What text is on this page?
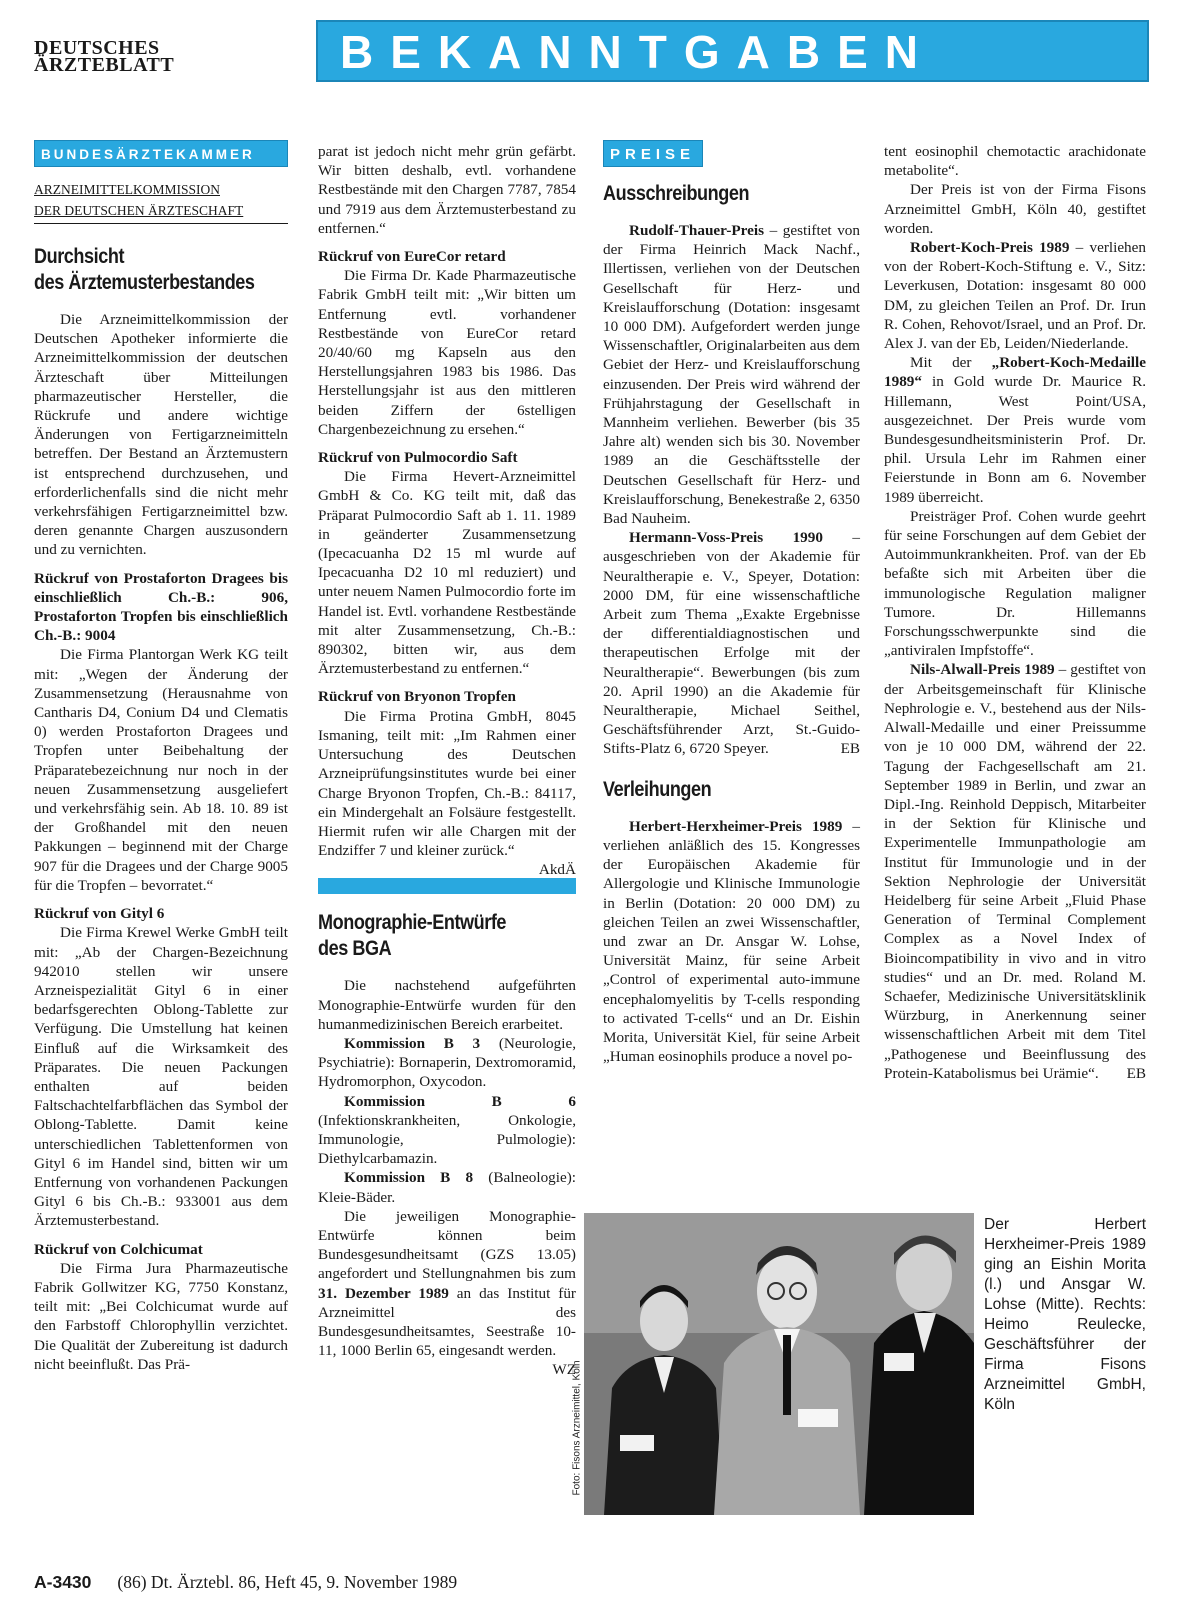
DEUTSCHES
ÄRZTEBLATT	BEKANNTGABEN
BUNDESÄRZTEKAMMER
ARZNEIMITTELKOMMISSION
DER DEUTSCHEN ÄRZTESCHAFT
Durchsicht
des Ärztemusterbestandes

Die Arzneimittelkommission der Deutschen Apotheker informierte die Arzneimittelkommission der deutschen Ärzteschaft über Mitteilungen pharmazeutischer Hersteller, die Rückrufe und andere wichtige Änderungen von Fertigarzneimitteln betreffen. Der Bestand an Ärztemustern ist entsprechend durchzusehen, und erforderlichenfalls sind die nicht mehr verkehrsfähigen Fertigarzneimittel bzw. deren genannte Chargen auszusondern und zu vernichten.

Rückruf von Prostaforton Dragees bis einschließlich Ch.-B.: 906, Prostaforton Tropfen bis einschließlich Ch.-B.: 9004

Die Firma Plantorgan Werk KG teilt mit: „Wegen der Änderung der Zusammensetzung (Herausnahme von Cantharis D4, Conium D4 und Clematis 0) werden Prostaforton Dragees und Tropfen unter Beibehaltung der Präparatebezeichnung nur noch in der neuen Zusammensetzung ausgeliefert und verkehrsfähig sein. Ab 18. 10. 89 ist der Großhandel mit den neuen Pakkungen – beginnend mit der Charge 907 für die Dragees und der Charge 9005 für die Tropfen – bevorratet.“

Rückruf von Gityl 6

Die Firma Krewel Werke GmbH teilt mit: „Ab der Chargen-Bezeichnung 942010 stellen wir unsere Arzneispezialität Gityl 6 in einer bedarfsgerechten Oblong-Tablette zur Verfügung. Die Umstellung hat keinen Einfluß auf die Wirksamkeit des Präparates. Die neuen Packungen enthalten auf beiden Faltschachtelfarbflächen das Symbol der Oblong-Tablette. Damit keine unterschiedlichen Tablettenformen von Gityl 6 im Handel sind, bitten wir um Entfernung von vorhandenen Packungen Gityl 6 bis Ch.-B.: 933001 aus dem Ärztemusterbestand.

Rückruf von Colchicumat

Die Firma Jura Pharmazeutische Fabrik Gollwitzer KG, 7750 Konstanz, teilt mit: „Bei Colchicumat wurde auf den Farbstoff Chlorophyllin verzichtet. Die Qualität der Zubereitung ist dadurch nicht beeinflußt. Das Prä-

parat ist jedoch nicht mehr grün gefärbt. Wir bitten deshalb, evtl. vorhandene Restbestände mit den Chargen 7787, 7854 und 7919 aus dem Ärztemusterbestand zu entfernen.“

Rückruf von EureCor retard

Die Firma Dr. Kade Pharmazeutische Fabrik GmbH teilt mit: „Wir bitten um Entfernung evtl. vorhandener Restbestände von EureCor retard 20/40/60 mg Kapseln aus den Herstellungsjahren 1983 bis 1986. Das Herstellungsjahr ist aus den mittleren beiden Ziffern der 6stelligen Chargenbezeichnung zu ersehen.“

Rückruf von Pulmocordio Saft

Die Firma Hevert-Arzneimittel GmbH & Co. KG teilt mit, daß das Präparat Pulmocordio Saft ab 1. 11. 1989 in geänderter Zusammensetzung (Ipecacuanha D2 15 ml wurde auf Ipecacuanha D2 10 ml reduziert) und unter neuem Namen Pulmocordio forte im Handel ist. Evtl. vorhandene Restbestände mit alter Zusammensetzung, Ch.-B.: 890302, bitten wir, aus dem Ärztemusterbestand zu entfernen.“

Rückruf von Bryonon Tropfen

Die Firma Protina GmbH, 8045 Ismaning, teilt mit: „Im Rahmen einer Untersuchung des Deutschen Arzneiprüfungsinstitutes wurde bei einer Charge Bryonon Tropfen, Ch.-B.: 84117, ein Mindergehalt an Folsäure festgestellt. Hiermit rufen wir alle Chargen mit der Endziffer 7 und kleiner zurück.“
AkdÄ

Monographie-Entwürfe
des BGA

Die nachstehend aufgeführten Monographie-Entwürfe wurden für den humanmedizinischen Bereich erarbeitet.

Kommission B 3 (Neurologie, Psychiatrie): Bornaperin, Dextromoramid, Hydromorphon, Oxycodon.

Kommission B 6 (Infektionskrankheiten, Onkologie, Immunologie, Pulmologie): Diethylcarbamazin.

Kommission B 8 (Balneologie): Kleie-Bäder.

Die jeweiligen Monographie-Entwürfe können beim Bundesgesundheitsamt (GZS 13.05) angefordert und Stellungnahmen bis zum 31. Dezember 1989 an das Institut für Arzneimittel des Bundesgesundheitsamtes, Seestraße 10-11, 1000 Berlin 65, eingesandt werden.
WZ

PREISE
Ausschreibungen

Rudolf-Thauer-Preis – gestiftet von der Firma Heinrich Mack Nachf., Illertissen, verliehen von der Deutschen Gesellschaft für Herz- und Kreislaufforschung (Dotation: insgesamt 10 000 DM). Aufgefordert werden junge Wissenschaftler, Originalarbeiten aus dem Gebiet der Herz- und Kreislaufforschung einzusenden. Der Preis wird während der Frühjahrstagung der Gesellschaft in Mannheim verliehen. Bewerber (bis 35 Jahre alt) wenden sich bis 30. November 1989 an die Geschäftsstelle der Deutschen Gesellschaft für Herz- und Kreislaufforschung, Benekestraße 2, 6350 Bad Nauheim.

Hermann-Voss-Preis 1990 – ausgeschrieben von der Akademie für Neuraltherapie e. V., Speyer, Dotation: 2000 DM, für eine wissenschaftliche Arbeit zum Thema „Exakte Ergebnisse der differentialdiagnostischen und therapeutischen Erfolge mit der Neuraltherapie“. Bewerbungen (bis zum 20. April 1990) an die Akademie für Neuraltherapie, Michael Seithel, Geschäftsführender Arzt, St.-Guido-Stifts-Platz 6, 6720 Speyer.	EB

Verleihungen

Herbert-Herxheimer-Preis 1989 – verliehen anläßlich des 15. Kongresses der Europäischen Akademie für Allergologie und Klinische Immunologie in Berlin (Dotation: 20 000 DM) zu gleichen Teilen an zwei Wissenschaftler, und zwar an Dr. Ansgar W. Lohse, Universität Mainz, für seine Arbeit „Control of experimental auto-immune encephalomyelitis by T-cells responding to activated T-cells“ und an Dr. Eishin Morita, Universität Kiel, für seine Arbeit „Human eosinophils produce a novel po-

tent eosinophil chemotactic arachidonate metabolite“.

Der Preis ist von der Firma Fisons Arzneimittel GmbH, Köln 40, gestiftet worden.

Robert-Koch-Preis 1989 – verliehen von der Robert-Koch-Stiftung e. V., Sitz: Leverkusen, Dotation: insgesamt 80 000 DM, zu gleichen Teilen an Prof. Dr. Irun R. Cohen, Rehovot/Israel, und an Prof. Dr. Alex J. van der Eb, Leiden/Niederlande.

Mit der „Robert-Koch-Medaille 1989“ in Gold wurde Dr. Maurice R. Hillemann, West Point/USA, ausgezeichnet. Der Preis wurde vom Bundesgesundheitsministerin Prof. Dr. phil. Ursula Lehr im Rahmen einer Feierstunde in Bonn am 6. November 1989 überreicht.

Preisträger Prof. Cohen wurde geehrt für seine Forschungen auf dem Gebiet der Autoimmunkrankheiten. Prof. van der Eb befaßte sich mit Arbeiten über die immunologische Regulation maligner Tumore. Dr. Hillemanns Forschungsschwerpunkte sind die „antiviralen Impfstoffe“.

Nils-Alwall-Preis 1989 – gestiftet von der Arbeitsgemeinschaft für Klinische Nephrologie e. V., bestehend aus der Nils-Alwall-Medaille und einer Preissumme von je 10 000 DM, während der 22. Tagung der Fachgesellschaft am 21. September 1989 in Berlin, und zwar an Dipl.-Ing. Reinhold Deppisch, Mitarbeiter in der Sektion für Klinische und Experimentelle Immunpathologie am Institut für Immunologie und in der Sektion Nephrologie der Universität Heidelberg für seine Arbeit „Fluid Phase Generation of Terminal Complement Complex as a Novel Index of Bioincompatibility in vivo and in vitro studies“ und an Dr. med. Roland M. Schaefer, Medizinische Universitätsklinik Würzburg, in Anerkennung seiner wissenschaftlichen Arbeit mit dem Titel „Pathogenese und Beeinflussung des Protein-Katabolismus bei Urämie“.	EB

Foto: Fisons Arzneimittel, Köln
Der Herbert Herxheimer-Preis 1989 ging an Eishin Morita (l.) und Ansgar W. Lohse (Mitte). Rechts: Heimo Reulecke, Geschäftsführer der Firma Fisons Arzneimittel GmbH, Köln
A-3430 (86) Dt. Ärztebl. 86, Heft 45, 9. November 1989
